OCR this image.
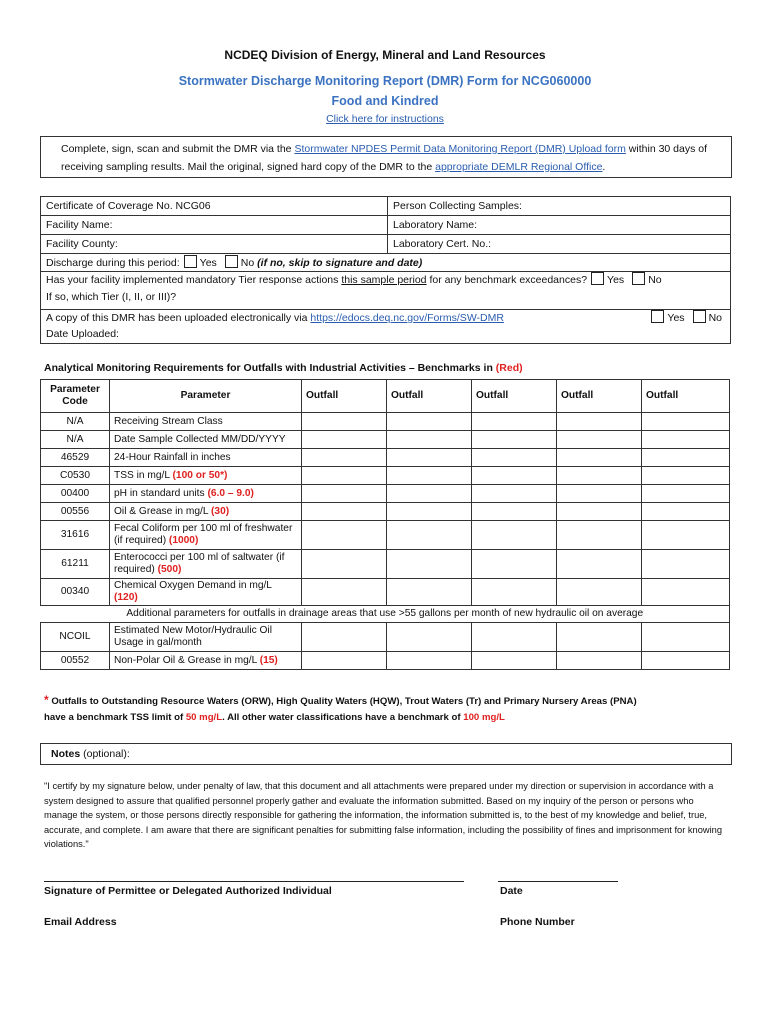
NCDEQ Division of Energy, Mineral and Land Resources
Stormwater Discharge Monitoring Report (DMR) Form for NCG060000
Food and Kindred
Click here for instructions
Complete, sign, scan and submit the DMR via the Stormwater NPDES Permit Data Monitoring Report (DMR) Upload form within 30 days of receiving sampling results. Mail the original, signed hard copy of the DMR to the appropriate DEMLR Regional Office.
Certificate of Coverage No. NCG06	Person Collecting Samples:
Facility Name:	Laboratory Name:
Facility County:	Laboratory Cert. No.:
Discharge during this period: Yes No (if no, skip to signature and date)
Has your facility implemented mandatory Tier response actions this sample period for any benchmark exceedances? Yes No
If so, which Tier (I, II, or III)?
A copy of this DMR has been uploaded electronically via https://edocs.deq.nc.gov/Forms/SW-DMR	Yes No
Date Uploaded:
Analytical Monitoring Requirements for Outfalls with Industrial Activities – Benchmarks in (Red)
Parameter Code	Parameter	Outfall	Outfall	Outfall	Outfall	Outfall
N/A	Receiving Stream Class					
N/A	Date Sample Collected MM/DD/YYYY					
46529	24-Hour Rainfall in inches					
C0530	TSS in mg/L (100 or 50*)					
00400	pH in standard units (6.0 – 9.0)					
00556	Oil & Grease in mg/L (30)					
31616	Fecal Coliform per 100 ml of freshwater (if required) (1000)					
61211	Enterococci per 100 ml of saltwater (if required) (500)					
00340	Chemical Oxygen Demand in mg/L (120)					
Additional parameters for outfalls in drainage areas that use >55 gallons per month of new hydraulic oil on average						
NCOIL	Estimated New Motor/Hydraulic Oil Usage in gal/month					
00552	Non-Polar Oil & Grease in mg/L (15)					
* Outfalls to Outstanding Resource Waters (ORW), High Quality Waters (HQW), Trout Waters (Tr) and Primary Nursery Areas (PNA)
have a benchmark TSS limit of 50 mg/L. All other water classifications have a benchmark of 100 mg/L
Notes (optional):
"I certify by my signature below, under penalty of law, that this document and all attachments were prepared under my direction or supervision in accordance with a system designed to assure that qualified personnel properly gather and evaluate the information submitted. Based on my inquiry of the person or persons who manage the system, or those persons directly responsible for gathering the information, the information submitted is, to the best of my knowledge and belief, true, accurate, and complete. I am aware that there are significant penalties for submitting false information, including the possibility of fines and imprisonment for knowing violations."
Signature of Permittee or Delegated Authorized Individual	Date
Email Address	Phone Number
